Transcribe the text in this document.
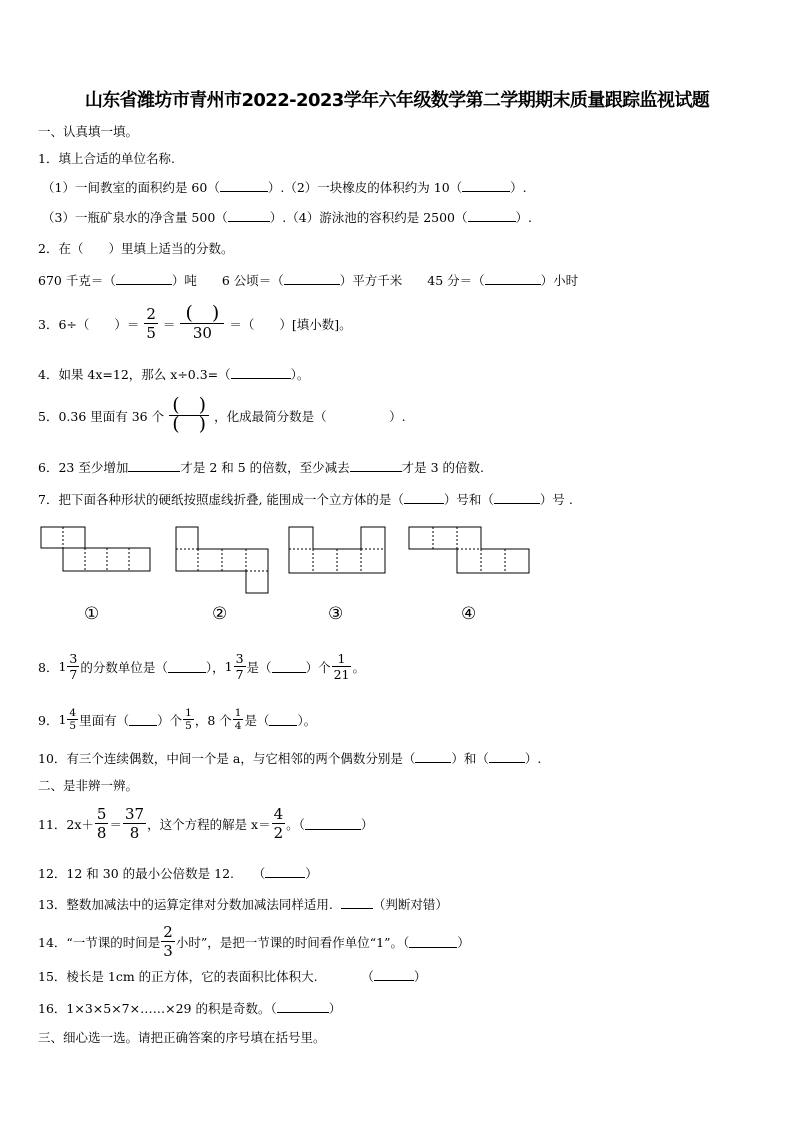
山东省潍坊市青州市2022-2023学年六年级数学第二学期期末质量跟踪监视试题
一、认真填一填。
1．填上合适的单位名称.
（1）一间教室的面积约是 60（	）.（2）一块橡皮的体积约为 10（	）.
（3）一瓶矿泉水的净含量 500（	）.（4）游泳池的容积约是 2500（	）.
2．在（　　）里填上适当的分数。
670 千克＝（	）吨　　6 公顷＝（	）平方千米　　45 分＝（	）小时
3．6÷（　　）＝ $\frac{2}{5} = \frac{( )}{30}$ ＝（　　）[填小数]。
4．如果 4x=12，那么 x÷0.3=（	）。
5．0.36 里面有 36 个 $\frac{( )}{( )}$ ，化成最简分数是（　　　　　）.
6．23 至少增加	才是 2 和 5 的倍数，至少减去	才是 3 的倍数.
7．把下面各种形状的硬纸按照虚线折叠, 能围成一个立方体的是（	）号和（	）号 .
①	②	③	④
8．$1 \frac{3}{7}$ 的分数单位是（	），$1 \frac{3}{7}$ 是（	）个 $\frac{1}{21}$ 。
9．$1 \frac{4}{5}$ 里面有（ ）个 $\frac{1}{5}$ ，8 个 $\frac{1}{4}$ 是（ ）。
10．有三个连续偶数，中间一个是 a，与它相邻的两个偶数分别是（	）和（	）.
二、是非辨一辨。
11．$2x+ \frac{5}{8} = \frac{37}{8}$ ，这个方程的解是 $x= \frac{4}{2}$ 。（	）
12．12 和 30 的最小公倍数是 12.　　（	）
13．整数加减法中的运算定律对分数加减法同样适用.	（判断对错）
14．“一节课的时间是 $\frac{2}{3}$ 小时”，是把一节课的时间看作单位“1”。（	）
15．棱长是 1cm 的正方体，它的表面积比体积大.　　　　（	）
16．1×3×5×7×……×29 的积是奇数。（	）
三、细心选一选。请把正确答案的序号填在括号里。
